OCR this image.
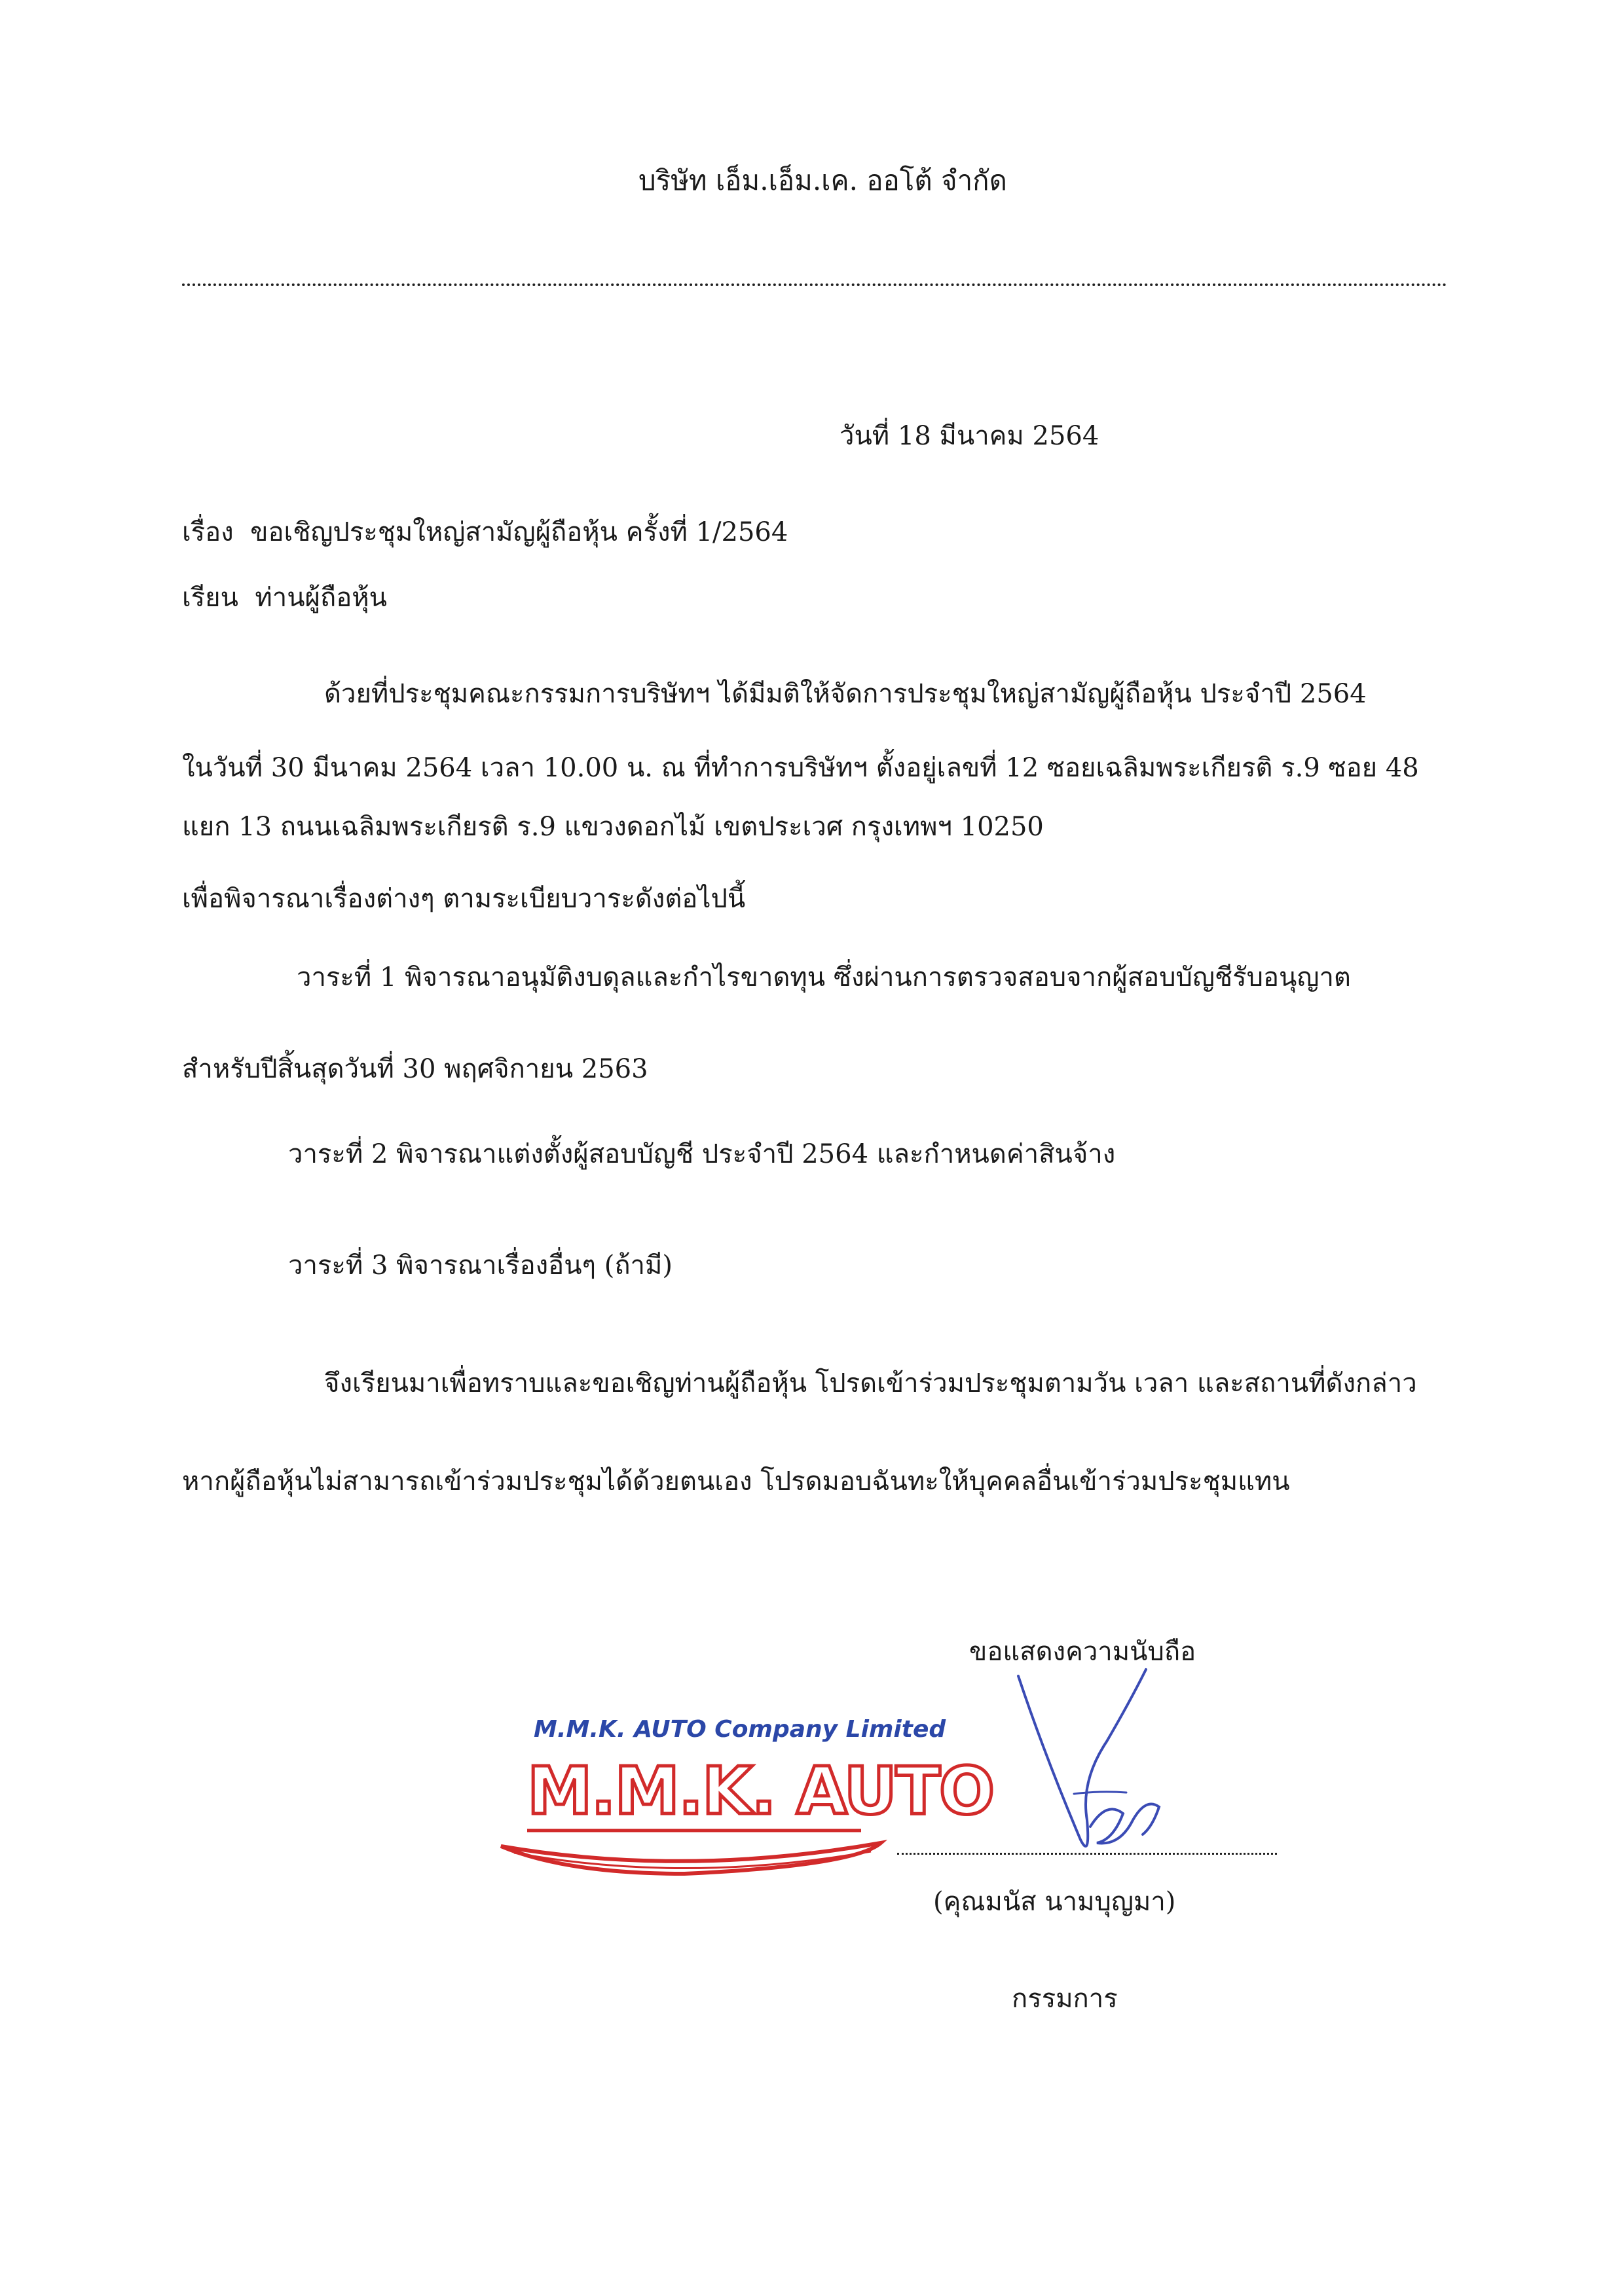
บริษัท เอ็ม.เอ็ม.เค. ออโต้ จำกัด
วันที่ 18 มีนาคม 2564
เรื่อง ขอเชิญประชุมใหญ่สามัญผู้ถือหุ้น ครั้งที่ 1/2564
เรียน ท่านผู้ถือหุ้น
ด้วยที่ประชุมคณะกรรมการบริษัทฯ ได้มีมติให้จัดการประชุมใหญ่สามัญผู้ถือหุ้น ประจำปี 2564
ในวันที่ 30 มีนาคม 2564 เวลา 10.00 น. ณ ที่ทำการบริษัทฯ ตั้งอยู่เลขที่ 12 ซอยเฉลิมพระเกียรติ ร.9 ซอย 48
แยก 13 ถนนเฉลิมพระเกียรติ ร.9 แขวงดอกไม้ เขตประเวศ กรุงเทพฯ 10250
เพื่อพิจารณาเรื่องต่างๆ ตามระเบียบวาระดังต่อไปนี้
วาระที่ 1 พิจารณาอนุมัติงบดุลและกำไรขาดทุน ซึ่งผ่านการตรวจสอบจากผู้สอบบัญชีรับอนุญาต
สำหรับปีสิ้นสุดวันที่ 30 พฤศจิกายน 2563
วาระที่ 2 พิจารณาแต่งตั้งผู้สอบบัญชี ประจำปี 2564 และกำหนดค่าสินจ้าง
วาระที่ 3 พิจารณาเรื่องอื่นๆ (ถ้ามี)
จึงเรียนมาเพื่อทราบและขอเชิญท่านผู้ถือหุ้น โปรดเข้าร่วมประชุมตามวัน เวลา และสถานที่ดังกล่าว
หากผู้ถือหุ้นไม่สามารถเข้าร่วมประชุมได้ด้วยตนเอง โปรดมอบฉันทะให้บุคคลอื่นเข้าร่วมประชุมแทน
ขอแสดงความนับถือ
M.M.K. AUTO Company Limited
M.M.K. AUTO
(คุณมนัส นามบุญมา)
กรรมการ
